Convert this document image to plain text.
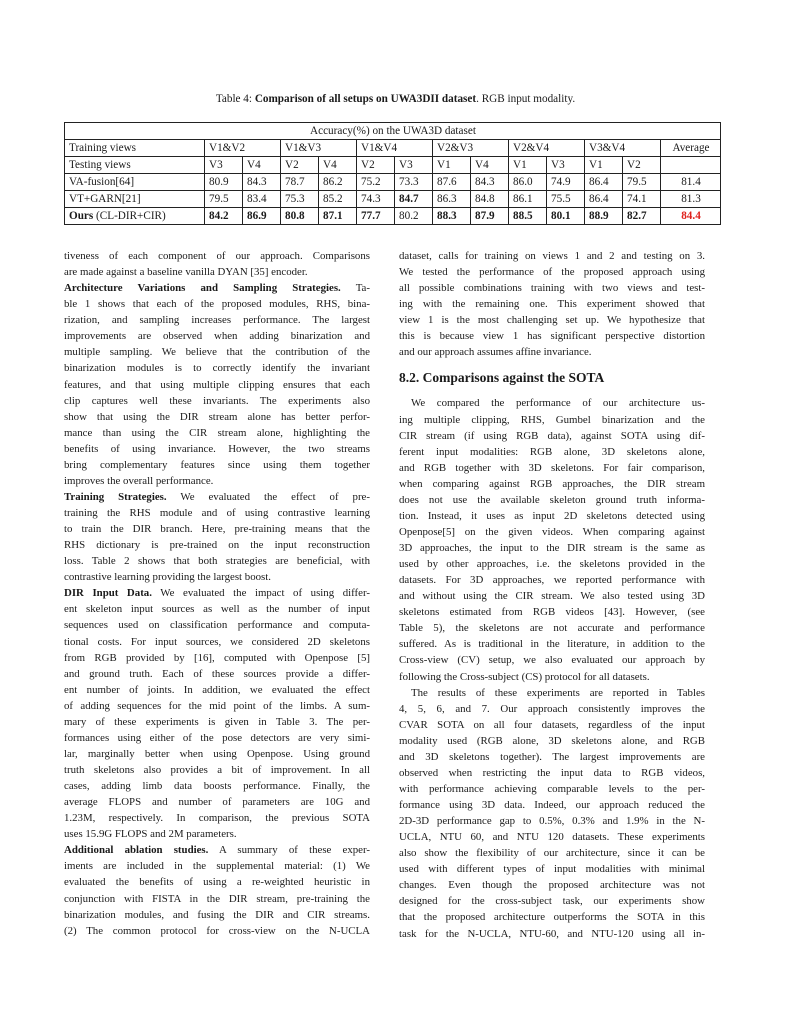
Table 4: Comparison of all setups on UWA3DII dataset. RGB input modality.
Accuracy(%) on the UWA3D dataset													
Training views	V1&V2		V1&V3		V1&V4		V2&V3		V2&V4		V3&V4		Average
Testing views	V3	V4	V2	V4	V2	V3	V1	V4	V1	V3	V1	V2	
VA-fusion[64]	80.9	84.3	78.7	86.2	75.2	73.3	87.6	84.3	86.0	74.9	86.4	79.5	81.4
VT+GARN[21]	79.5	83.4	75.3	85.2	74.3	84.7	86.3	84.8	86.1	75.5	86.4	74.1	81.3
Ours (CL-DIR+CIR)	84.2	86.9	80.8	87.1	77.7	80.2	88.3	87.9	88.5	80.1	88.9	82.7	84.4
tiveness of each component of our approach. Comparisons
are made against a baseline vanilla DYAN [35] encoder.
Architecture Variations and Sampling Strategies. Ta-
ble 1 shows that each of the proposed modules, RHS, bina-
rization, and sampling increases performance. The largest
improvements are observed when adding binarization and
multiple sampling. We believe that the contribution of the
binarization modules is to correctly identify the invariant
features, and that using multiple clipping ensures that each
clip captures well these invariants. The experiments also
show that using the DIR stream alone has better perfor-
mance than using the CIR stream alone, highlighting the
benefits of using invariance. However, the two streams
bring complementary features since using them together
improves the overall performance.
Training Strategies. We evaluated the effect of pre-
training the RHS module and of using contrastive learning
to train the DIR branch. Here, pre-training means that the
RHS dictionary is pre-trained on the input reconstruction
loss. Table 2 shows that both strategies are beneficial, with
contrastive learning providing the largest boost.
DIR Input Data. We evaluated the impact of using differ-
ent skeleton input sources as well as the number of input
sequences used on classification performance and computa-
tional costs. For input sources, we considered 2D skeletons
from RGB provided by [16], computed with Openpose [5]
and ground truth. Each of these sources provide a differ-
ent number of joints. In addition, we evaluated the effect
of adding sequences for the mid point of the limbs. A sum-
mary of these experiments is given in Table 3. The per-
formances using either of the pose detectors are very simi-
lar, marginally better when using Openpose. Using ground
truth skeletons also provides a bit of improvement. In all
cases, adding limb data boosts performance. Finally, the
average FLOPS and number of parameters are 10G and
1.23M, respectively. In comparison, the previous SOTA
uses 15.9G FLOPS and 2M parameters.
Additional ablation studies. A summary of these exper-
iments are included in the supplemental material: (1) We
evaluated the benefits of using a re-weighted heuristic in
conjunction with FISTA in the DIR stream, pre-training the
binarization modules, and fusing the DIR and CIR streams.
(2) The common protocol for cross-view on the N-UCLA
dataset, calls for training on views 1 and 2 and testing on 3.
We tested the performance of the proposed approach using
all possible combinations training with two views and test-
ing with the remaining one. This experiment showed that
view 1 is the most challenging set up. We hypothesize that
this is because view 1 has significant perspective distortion
and our approach assumes affine invariance.
We compared the performance of our architecture us-
ing multiple clipping, RHS, Gumbel binarization and the
CIR stream (if using RGB data), against SOTA using dif-
ferent input modalities: RGB alone, 3D skeletons alone,
and RGB together with 3D skeletons. For fair comparison,
when comparing against RGB approaches, the DIR stream
does not use the available skeleton ground truth informa-
tion. Instead, it uses as input 2D skeletons detected using
Openpose[5] on the given videos. When comparing against
3D approaches, the input to the DIR stream is the same as
used by other approaches, i.e. the skeletons provided in the
datasets. For 3D approaches, we reported performance with
and without using the CIR stream. We also tested using 3D
skeletons estimated from RGB videos [43]. However, (see
Table 5), the skeletons are not accurate and performance
suffered. As is traditional in the literature, in addition to the
Cross-view (CV) setup, we also evaluated our approach by
following the Cross-subject (CS) protocol for all datasets.
The results of these experiments are reported in Tables
4, 5, 6, and 7. Our approach consistently improves the
CVAR SOTA on all four datasets, regardless of the input
modality used (RGB alone, 3D skeletons alone, and RGB
and 3D skeletons together). The largest improvements are
observed when restricting the input data to RGB videos,
with performance achieving comparable levels to the per-
formance using 3D data. Indeed, our approach reduced the
2D-3D performance gap to 0.5%, 0.3% and 1.9% in the N-
UCLA, NTU 60, and NTU 120 datasets. These experiments
also show the flexibility of our architecture, since it can be
used with different types of input modalities with minimal
changes. Even though the proposed architecture was not
designed for the cross-subject task, our experiments show
that the proposed architecture outperforms the SOTA in this
task for the N-UCLA, NTU-60, and NTU-120 using all in-
8.2. Comparisons against the SOTA
